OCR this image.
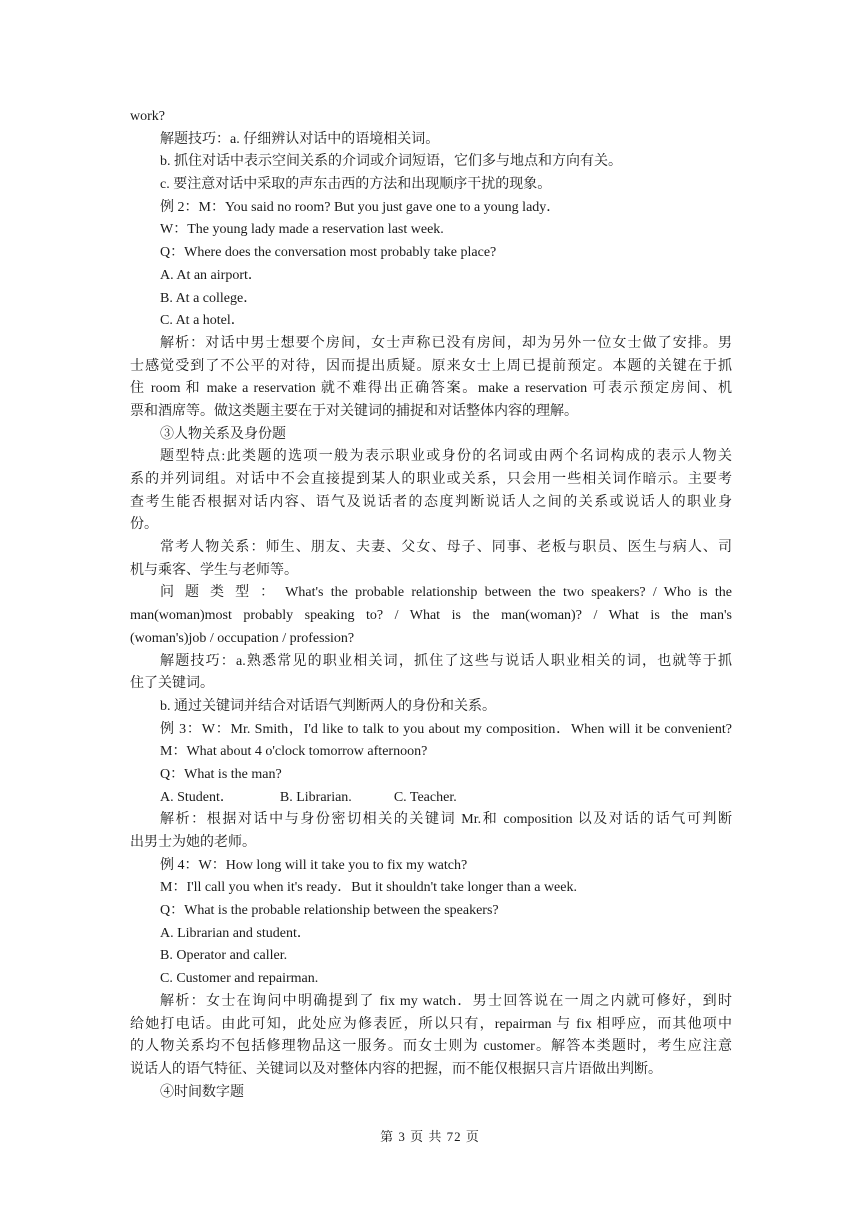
work?
解题技巧：a. 仔细辨认对话中的语境相关词。
b. 抓住对话中表示空间关系的介词或介词短语，它们多与地点和方向有关。
c. 要注意对话中采取的声东击西的方法和出现顺序干扰的现象。
例 2：M：You said no room? But you just gave one to a young lady．
W：The young lady made a reservation last week.
Q：Where does the conversation most probably take place?
A. At an airport．
B. At a college．
C. At a hotel．
解析：对话中男士想要个房间，女士声称已没有房间，却为另外一位女士做了安排。男
士感觉受到了不公平的对待，因而提出质疑。原来女士上周已提前预定。本题的关键在于抓
住 room 和 make a reservation 就不难得出正确答案。make a reservation 可表示预定房间、机
票和酒席等。做这类题主要在于对关键词的捕捉和对话整体内容的理解。
③人物关系及身份题
题型特点:此类题的选项一般为表示职业或身份的名词或由两个名词构成的表示人物关
系的并列词组。对话中不会直接提到某人的职业或关系，只会用一些相关词作暗示。主要考
查考生能否根据对话内容、语气及说话者的态度判断说话人之间的关系或说话人的职业身
份。
常考人物关系：师生、朋友、夫妻、父女、母子、同事、老板与职员、医生与病人、司
机与乘客、学生与老师等。
问 题 类 型 ： What's the probable relationship between the two speakers? / Who is the
man(woman)most probably speaking to? / What is the man(woman)? / What is the man's
(woman's)job / occupation / profession?
解题技巧：a.熟悉常见的职业相关词，抓住了这些与说话人职业相关的词，也就等于抓
住了关键词。
b. 通过关键词并结合对话语气判断两人的身份和关系。
例 3：W：Mr. Smith，I'd like to talk to you about my composition．When will it be convenient?
M：What about 4 o'clock tomorrow afternoon?
Q：What is the man?
A. Student．	B. Librarian.	C. Teacher.
解析：根据对话中与身份密切相关的关键词 Mr.和 composition 以及对话的话气可判断
出男士为她的老师。
例 4：W：How long will it take you to fix my watch?
M：I'll call you when it's ready．But it shouldn't take longer than a week.
Q：What is the probable relationship between the speakers?
A. Librarian and student．
B. Operator and caller.
C. Customer and repairman.
解析：女士在询问中明确提到了 fix my watch．男士回答说在一周之内就可修好，到时
给她打电话。由此可知，此处应为修表匠，所以只有，repairman 与 fix 相呼应，而其他项中
的人物关系均不包括修理物品这一服务。而女士则为 customer。解答本类题时，考生应注意
说话人的语气特征、关键词以及对整体内容的把握，而不能仅根据只言片语做出判断。
④时间数字题
第 3 页 共 72 页
